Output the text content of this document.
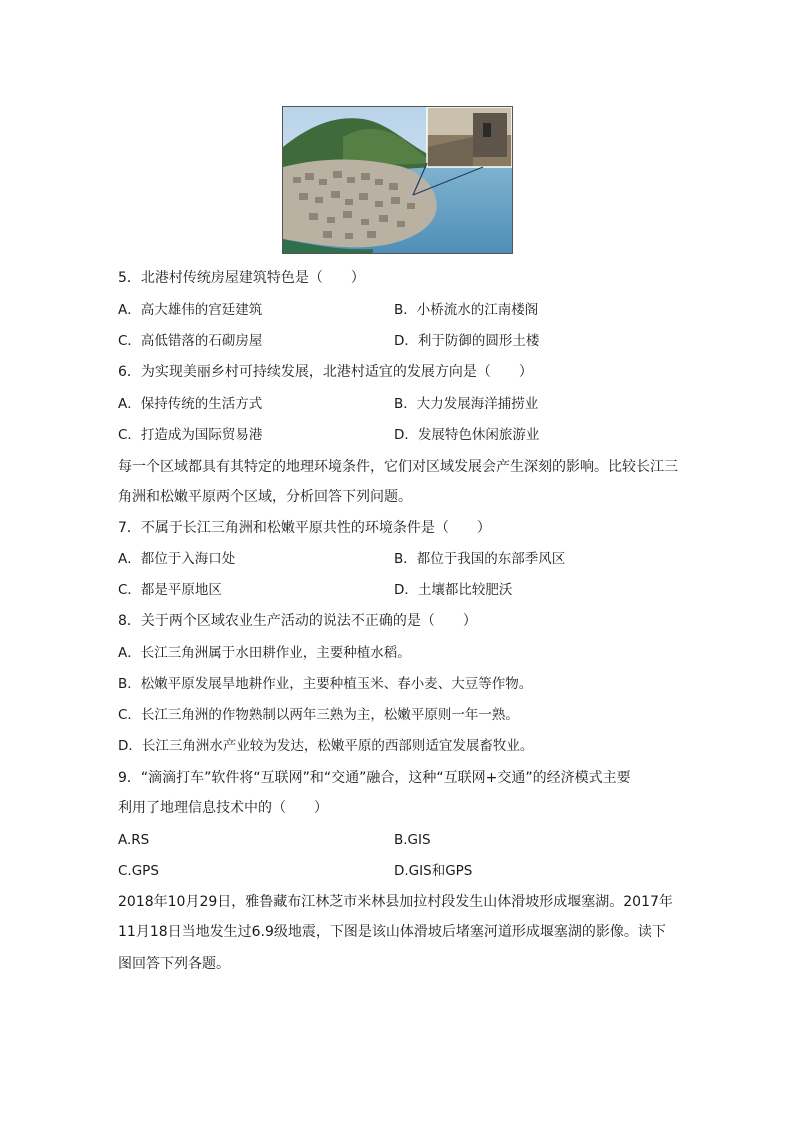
5．北港村传统房屋建筑特色是（　　）
A．高大雄伟的宫廷建筑	B．小桥流水的江南楼阁
C．高低错落的石砌房屋	D．利于防御的圆形土楼
6．为实现美丽乡村可持续发展，北港村适宜的发展方向是（　　）
A．保持传统的生活方式	B．大力发展海洋捕捞业
C．打造成为国际贸易港	D．发展特色休闲旅游业
每一个区域都具有其特定的地理环境条件，它们对区域发展会产生深刻的影响。比较长江三
角洲和松嫩平原两个区域，分析回答下列问题。
7．不属于长江三角洲和松嫩平原共性的环境条件是（　　）
A．都位于入海口处	B．都位于我国的东部季风区
C．都是平原地区	D．土壤都比较肥沃
8．关于两个区域农业生产活动的说法不正确的是（　　）
A．长江三角洲属于水田耕作业，主要种植水稻。
B．松嫩平原发展旱地耕作业，主要种植玉米、春小麦、大豆等作物。
C．长江三角洲的作物熟制以两年三熟为主，松嫩平原则一年一熟。
D．长江三角洲水产业较为发达，松嫩平原的西部则适宜发展畜牧业。
9．“滴滴打车”软件将“互联网”和“交通”融合，这种“互联网+交通”的经济模式主要
利用了地理信息技术中的（　　）
A.RS	B.GIS
C.GPS	D.GIS和GPS
2018年10月29日，雅鲁藏布江林芝市米林县加拉村段发生山体滑坡形成堰塞湖。2017年
11月18日当地发生过6.9级地震，下图是该山体滑坡后堵塞河道形成堰塞湖的影像。读下
图回答下列各题。
